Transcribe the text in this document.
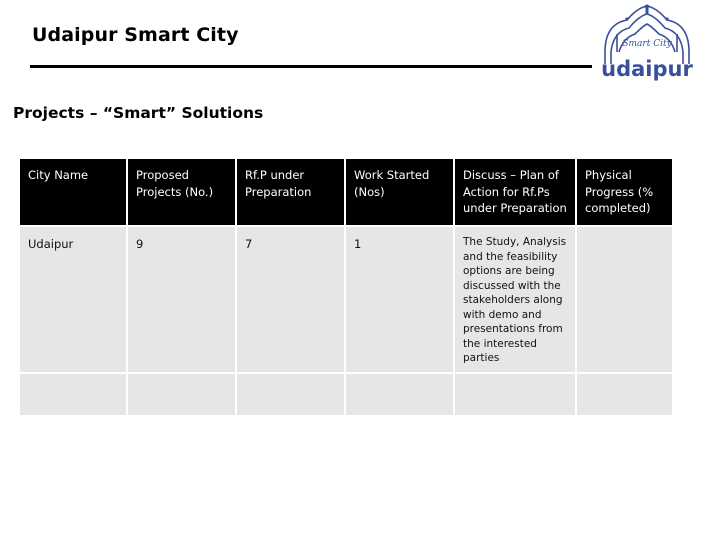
Udaipur Smart City	Smart City
udaipur
Projects – “Smart” Solutions
City Name	Proposed Projects (No.)	Rf.P under Preparation	Work Started (Nos)	Discuss – Plan of Action for Rf.Ps under Preparation	Physical Progress (% completed)
Udaipur	9	7	1	The Study, Analysis and the feasibility options are being discussed with the stakeholders along with demo and presentations from the interested parties	
